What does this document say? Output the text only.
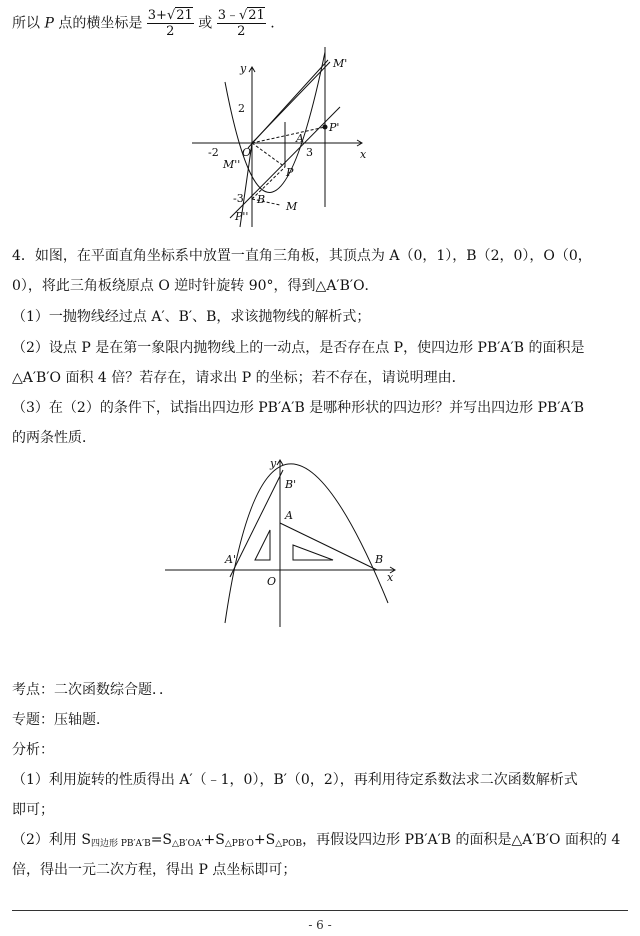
所以 P 点的横坐标是 $\frac{3+√21}{2}$ 或 $\frac{3﹣√21}{2}$ .
y
x
M'
P'
A
O
M''
P
B
M
P''
2
-2	3
-3
4．如图，在平面直角坐标系中放置一直角三角板，其顶点为 A（0，1），B（2，0），O（0，
0），将此三角板绕原点 O 逆时针旋转 90°，得到△A′B′O．
（1）一抛物线经过点 A′、B′、B，求该抛物线的解析式；
（2）设点 P 是在第一象限内抛物线上的一动点，是否存在点 P，使四边形 PB′A′B 的面积是
△A′B′O 面积 4 倍？若存在，请求出 P 的坐标；若不存在，请说明理由．
（3）在（2）的条件下，试指出四边形 PB′A′B 是哪种形状的四边形？并写出四边形 PB′A′B
的两条性质．
y
x
B'
A
A'
O
B
考点：二次函数综合题．．
专题：压轴题．
分析：
（1）利用旋转的性质得出 A′（﹣1，0），B′（0，2），再利用待定系数法求二次函数解析式
即可；
（2）利用 $S_{四边形 PB'A'B}=S_{\triangle B'OA'}+S_{\triangle PB'O}+S_{\triangle POB}$，再假设四边形 PB′A′B 的面积是△A′B′O 面积的 4
倍，得出一元二次方程，得出 P 点坐标即可；
- 6 -
